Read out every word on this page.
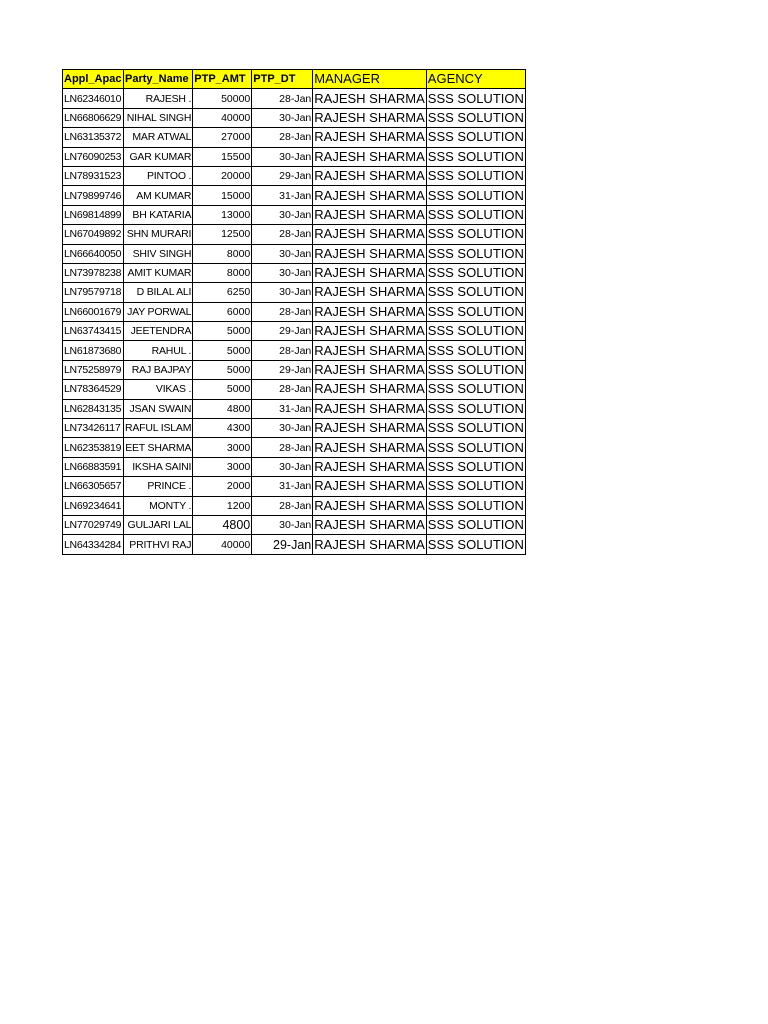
Appl_Apac	Party_Name	PTP_AMT	PTP_DT	MANAGER	AGENCY
LN62346010	RAJESH .	50000	28-Jan	RAJESH SHARMA	SSS SOLUTION
LN66806629	NIHAL SINGH	40000	30-Jan	RAJESH SHARMA	SSS SOLUTION
LN63135372	MAR ATWAL	27000	28-Jan	RAJESH SHARMA	SSS SOLUTION
LN76090253	GAR KUMAR	15500	30-Jan	RAJESH SHARMA	SSS SOLUTION
LN78931523	PINTOO .	20000	29-Jan	RAJESH SHARMA	SSS SOLUTION
LN79899746	AM KUMAR	15000	31-Jan	RAJESH SHARMA	SSS SOLUTION
LN69814899	BH KATARIA	13000	30-Jan	RAJESH SHARMA	SSS SOLUTION
LN67049892	SHN MURARI	12500	28-Jan	RAJESH SHARMA	SSS SOLUTION
LN66640050	SHIV SINGH	8000	30-Jan	RAJESH SHARMA	SSS SOLUTION
LN73978238	AMIT KUMAR	8000	30-Jan	RAJESH SHARMA	SSS SOLUTION
LN79579718	D BILAL ALI	6250	30-Jan	RAJESH SHARMA	SSS SOLUTION
LN66001679	JAY PORWAL	6000	28-Jan	RAJESH SHARMA	SSS SOLUTION
LN63743415	JEETENDRA	5000	29-Jan	RAJESH SHARMA	SSS SOLUTION
LN61873680	RAHUL .	5000	28-Jan	RAJESH SHARMA	SSS SOLUTION
LN75258979	RAJ BAJPAY	5000	29-Jan	RAJESH SHARMA	SSS SOLUTION
LN78364529	VIKAS .	5000	28-Jan	RAJESH SHARMA	SSS SOLUTION
LN62843135	JSAN SWAIN	4800	31-Jan	RAJESH SHARMA	SSS SOLUTION
LN73426117	RAFUL ISLAM	4300	30-Jan	RAJESH SHARMA	SSS SOLUTION
LN62353819	EET SHARMA	3000	28-Jan	RAJESH SHARMA	SSS SOLUTION
LN66883591	IKSHA SAINI	3000	30-Jan	RAJESH SHARMA	SSS SOLUTION
LN66305657	PRINCE .	2000	31-Jan	RAJESH SHARMA	SSS SOLUTION
LN69234641	MONTY .	1200	28-Jan	RAJESH SHARMA	SSS SOLUTION
LN77029749	GULJARI LAL	4800	30-Jan	RAJESH SHARMA	SSS SOLUTION
LN64334284	PRITHVI RAJ	40000	29-Jan	RAJESH SHARMA	SSS SOLUTION
